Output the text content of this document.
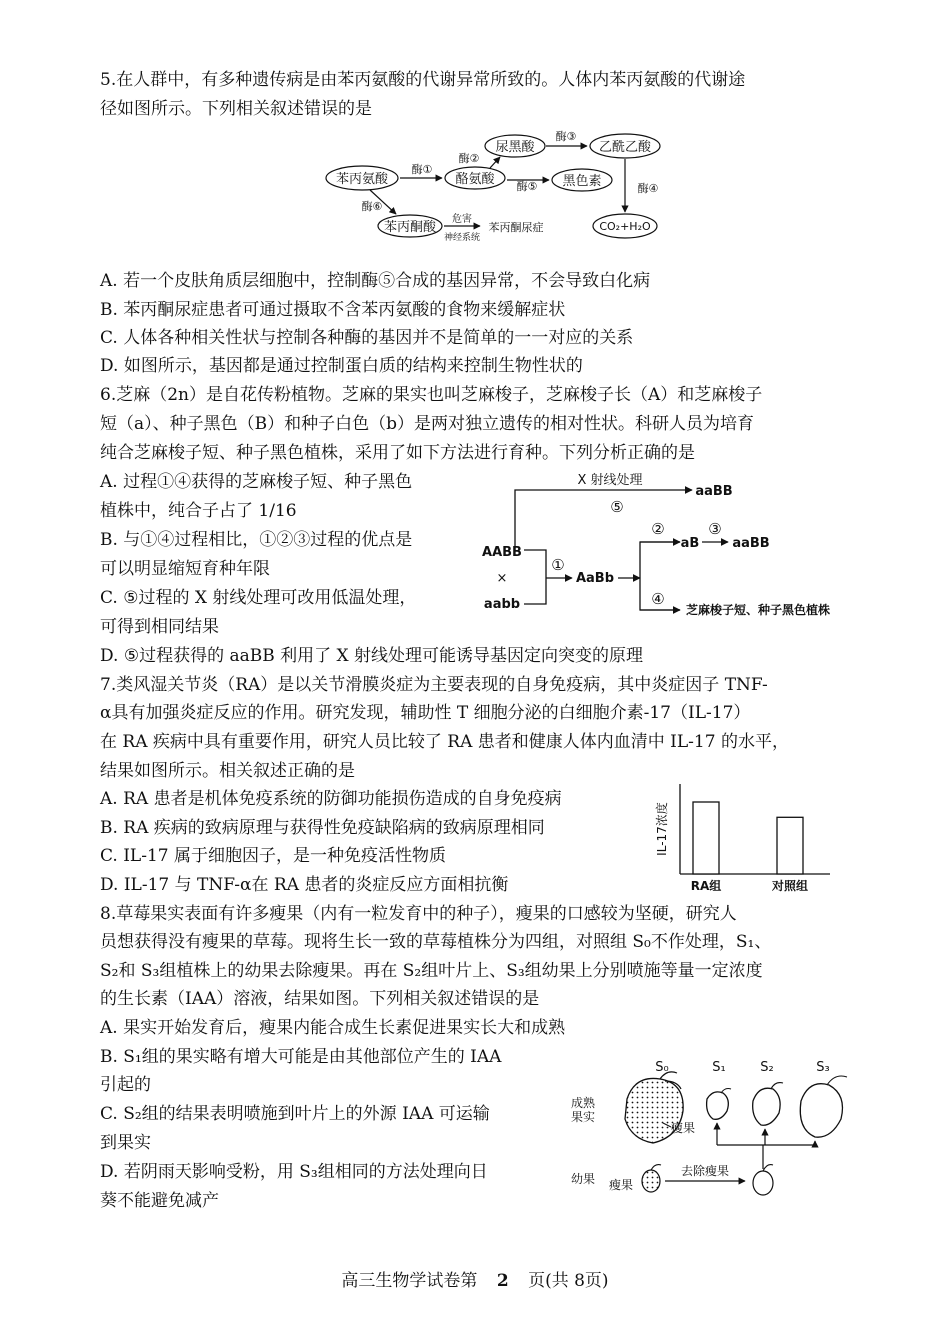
5.在人群中，有多种遗传病是由苯丙氨酸的代谢异常所致的。人体内苯丙氨酸的代谢途
径如图所示。下列相关叙述错误的是
苯丙氨酸	酪氨酸
尿黑酸	乙酰乙酸
黑色素
CO₂+H₂O
苯丙酮酸	苯丙酮尿症
酶①
酶②
酶③
酶④
酶⑤
酶⑥
危害
神经系统
A. 若一个皮肤角质层细胞中，控制酶⑤合成的基因异常，不会导致白化病
B. 苯丙酮尿症患者可通过摄取不含苯丙氨酸的食物来缓解症状
C. 人体各种相关性状与控制各种酶的基因并不是简单的一一对应的关系
D. 如图所示，基因都是通过控制蛋白质的结构来控制生物性状的
6.芝麻（2n）是自花传粉植物。芝麻的果实也叫芝麻梭子，芝麻梭子长（A）和芝麻梭子
短（a）、种子黑色（B）和种子白色（b）是两对独立遗传的相对性状。科研人员为培育
纯合芝麻梭子短、种子黑色植株，采用了如下方法进行育种。下列分析正确的是
A. 过程①④获得的芝麻梭子短、种子黑色
植株中，纯合子占了 1/16
B. 与①④过程相比，①②③过程的优点是
可以明显缩短育种年限
C. ⑤过程的 X 射线处理可改用低温处理，
可得到相同结果
D. ⑤过程获得的 aaBB 利用了 X 射线处理可能诱导基因定向突变的原理
X 射线处理
aaBB
⑤
AABB
×
aabb
①
AaBb
②
aB
③
aaBB
④
芝麻梭子短、种子黑色植株
7.类风湿关节炎（RA）是以关节滑膜炎症为主要表现的自身免疫病，其中炎症因子 TNF-
α具有加强炎症反应的作用。研究发现，辅助性 T 细胞分泌的白细胞介素-17（IL-17）
在 RA 疾病中具有重要作用，研究人员比较了 RA 患者和健康人体内血清中 IL-17 的水平，
结果如图所示。相关叙述正确的是
A. RA 患者是机体免疫系统的防御功能损伤造成的自身免疫病
B. RA 疾病的致病原理与获得性免疫缺陷病的致病原理相同
C. IL-17 属于细胞因子，是一种免疫活性物质
D. IL-17 与 TNF-α在 RA 患者的炎症反应方面相抗衡
IL-17浓度
RA组	对照组
8.草莓果实表面有许多瘦果（内有一粒发育中的种子），瘦果的口感较为坚硬，研究人
员想获得没有瘦果的草莓。现将生长一致的草莓植株分为四组，对照组 S₀不作处理，S₁、
S₂和 S₃组植株上的幼果去除瘦果。再在 S₂组叶片上、S₃组幼果上分别喷施等量一定浓度
的生长素（IAA）溶液，结果如图。下列相关叙述错误的是
A. 果实开始发育后，瘦果内能合成生长素促进果实长大和成熟
B. S₁组的果实略有增大可能是由其他部位产生的 IAA
引起的
C. S₂组的结果表明喷施到叶片上的外源 IAA 可运输
到果实
D. 若阴雨天影响受粉，用 S₃组相同的方法处理向日
葵不能避免减产
S₀	S₁	S₂	S₃
成熟
果实
幼果
瘦果
瘦果
去除瘦果
高三生物学试卷第 2 页(共 8页)
